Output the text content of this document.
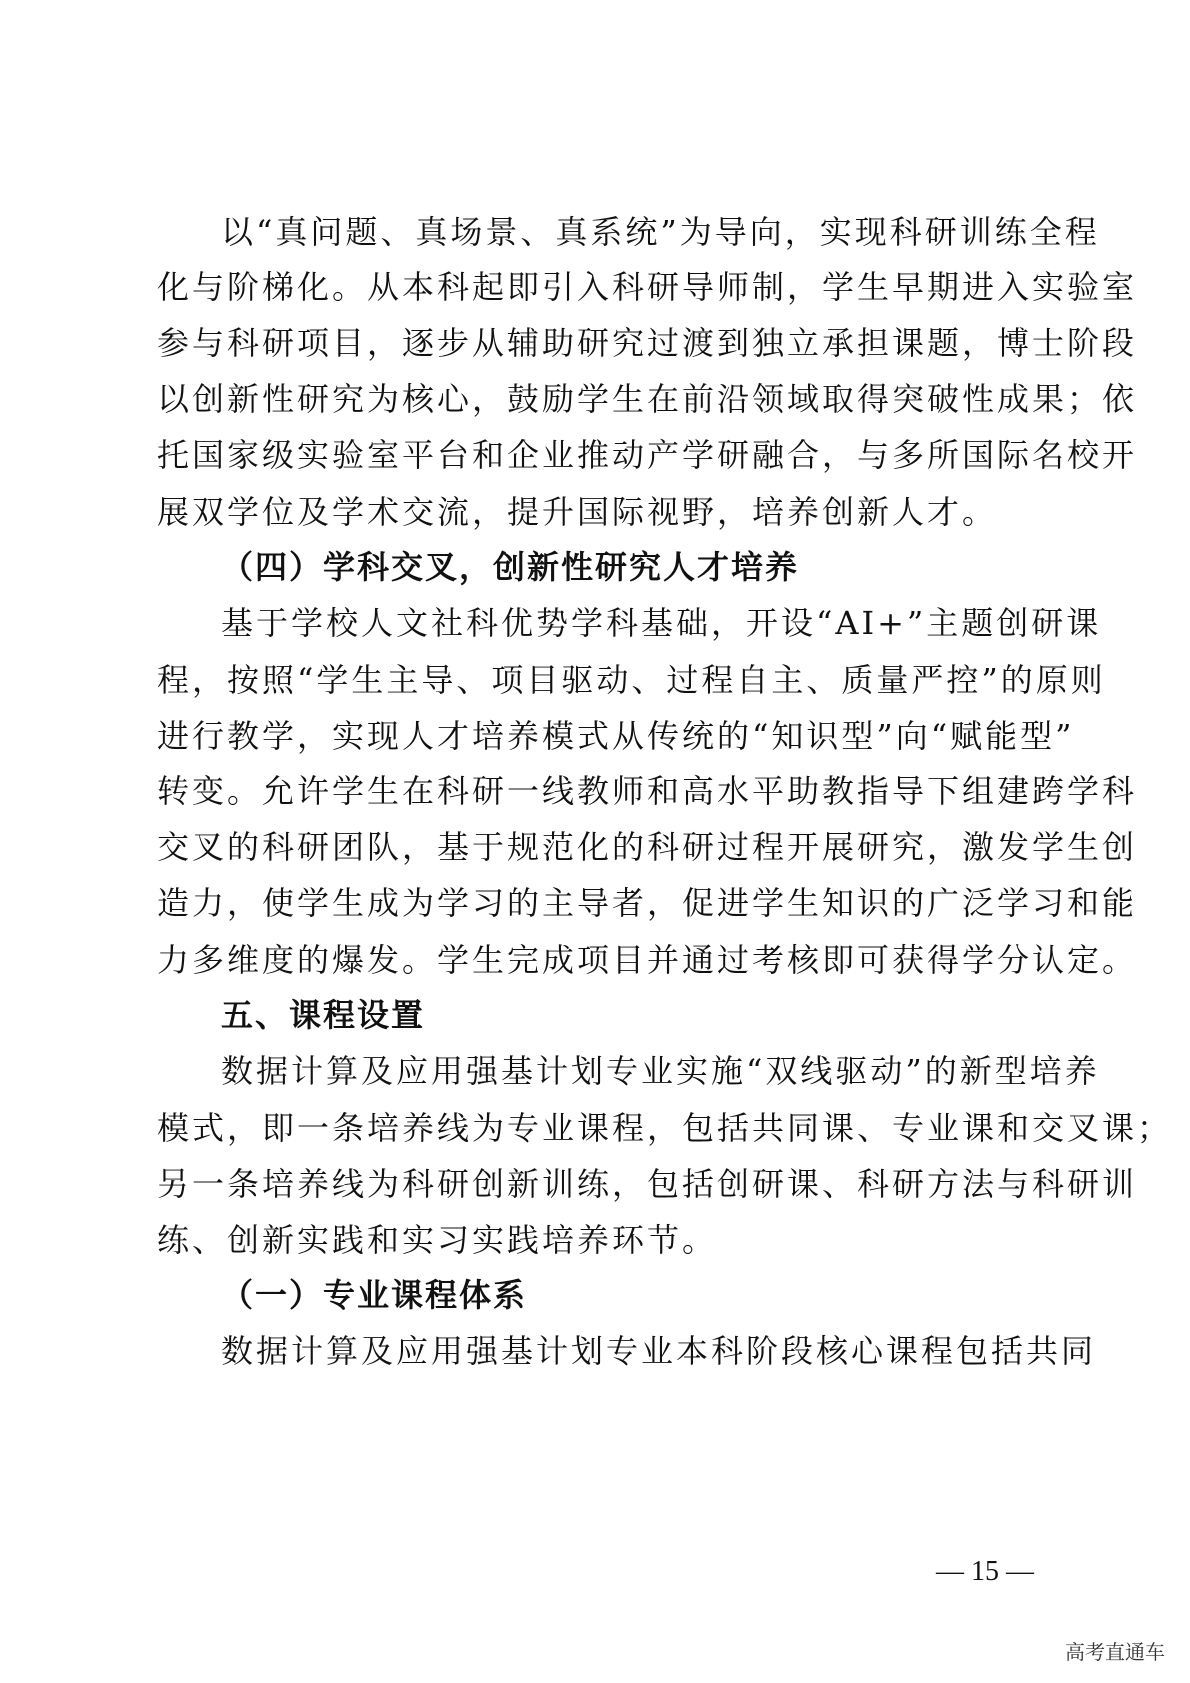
以“真问题、真场景、真系统”为导向，实现科研训练全程
化与阶梯化。从本科起即引入科研导师制，学生早期进入实验室
参与科研项目，逐步从辅助研究过渡到独立承担课题，博士阶段
以创新性研究为核心，鼓励学生在前沿领域取得突破性成果；依
托国家级实验室平台和企业推动产学研融合，与多所国际名校开
展双学位及学术交流，提升国际视野，培养创新人才。
（四）学科交叉，创新性研究人才培养
基于学校人文社科优势学科基础，开设“AI+”主题创研课
程，按照“学生主导、项目驱动、过程自主、质量严控”的原则
进行教学，实现人才培养模式从传统的“知识型”向“赋能型”
转变。允许学生在科研一线教师和高水平助教指导下组建跨学科
交叉的科研团队，基于规范化的科研过程开展研究，激发学生创
造力，使学生成为学习的主导者，促进学生知识的广泛学习和能
力多维度的爆发。学生完成项目并通过考核即可获得学分认定。
五、课程设置
数据计算及应用强基计划专业实施“双线驱动”的新型培养
模式，即一条培养线为专业课程，包括共同课、专业课和交叉课；
另一条培养线为科研创新训练，包括创研课、科研方法与科研训
练、创新实践和实习实践培养环节。
（一）专业课程体系
数据计算及应用强基计划专业本科阶段核心课程包括共同
— 15 —
高考直通车
